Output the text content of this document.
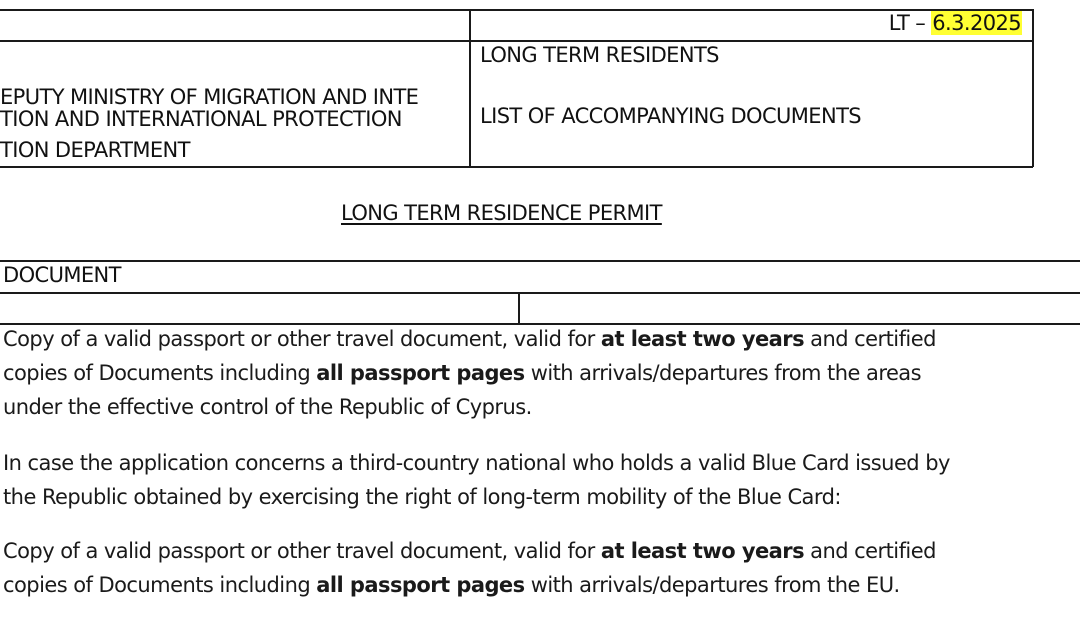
LT – 6.3.2025
EPUTY MINISTRY OF MIGRATION AND INTE
TION AND INTERNATIONAL PROTECTION
TION DEPARTMENT
LONG TERM RESIDENTS
LIST OF ACCOMPANYING DOCUMENTS
LONG TERM RESIDENCE PERMIT
DOCUMENT

Copy of a valid passport or other travel document, valid for at least two years and certified

copies of Documents including all passport pages with arrivals/departures from the areas

under the effective control of the Republic of Cyprus.

In case the application concerns a third-country national who holds a valid Blue Card issued by

the Republic obtained by exercising the right of long-term mobility of the Blue Card:

Copy of a valid passport or other travel document, valid for at least two years and certified

copies of Documents including all passport pages with arrivals/departures from the EU.
